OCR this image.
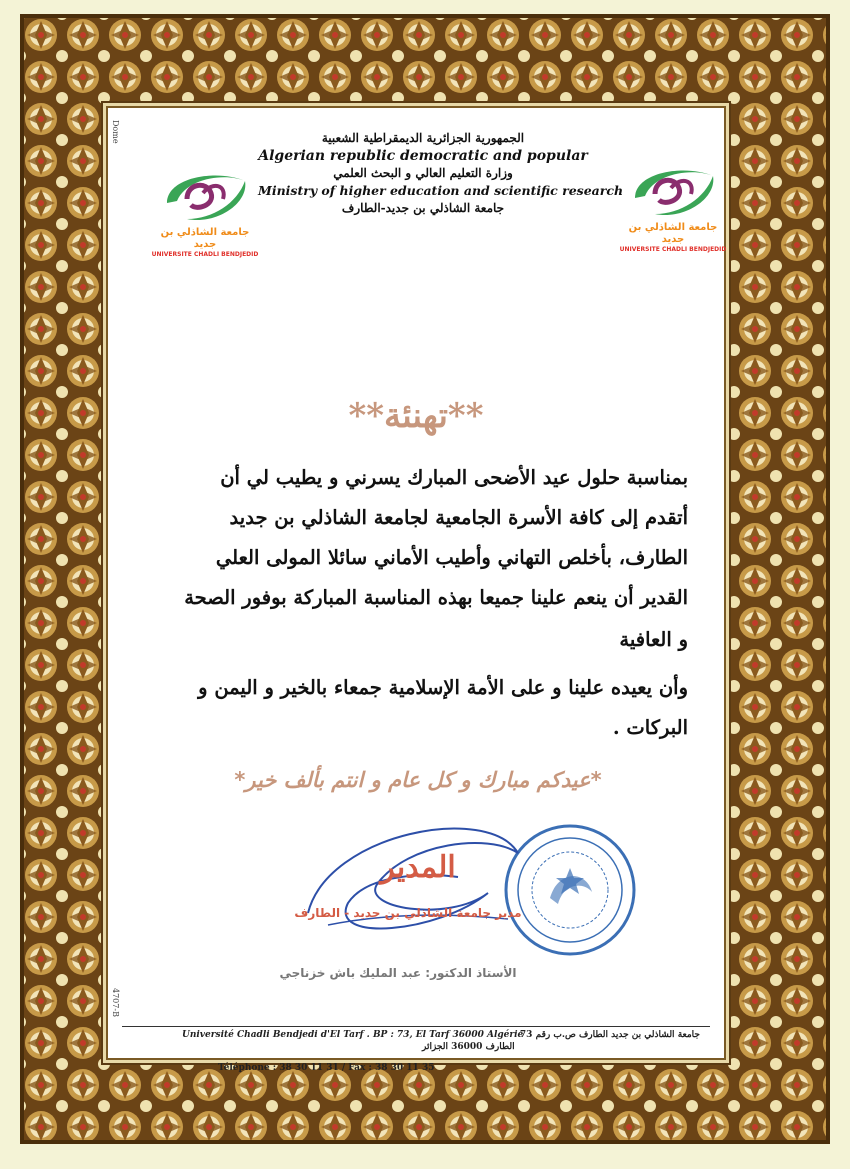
Dome
4707-B
جامعة الشاذلي بن جديد
UNIVERSITE CHADLI BENDJEDID
جامعة الشاذلي بن جديد
UNIVERSITE CHADLI BENDJEDID
الجمهورية الجزائرية الديمقراطية الشعبية
Algerian republic democratic and popular
وزارة التعليم العالي و البحث العلمي
Ministry of higher education and scientific research
جامعة الشاذلي بن جديد-الطارف
**تهنئة**
بمناسبة حلول عيد الأضحى المبارك يسرني و يطيب لي أن
أتقدم إلى كافة الأسرة الجامعية لجامعة الشاذلي بن جديد
الطارف، بأخلص التهاني وأطيب الأماني سائلا المولى العلي
القدير أن ينعم علينا جميعا بهذه المناسبة المباركة بوفور الصحة
و العافية
وأن يعيده علينا و على الأمة الإسلامية جمعاء بالخير و اليمن و
البركات .
*عيدكم مبارك و كل عام و انتم بألف خير*
المدير
مدير جامعة الشاذلي بن جديد - الطارف
الأستاذ الدكتور: عبد المليك باش خزناجي
Université Chadli Bendjedi d'El Tarf . BP : 73, El Tarf 36000 Algérie
جامعة الشاذلي بن جديد الطارف ص.ب رقم 73
الطارف 36000 الجزائر
Téléphone : 38 30 11 31 / Fax : 38 30 11 35
